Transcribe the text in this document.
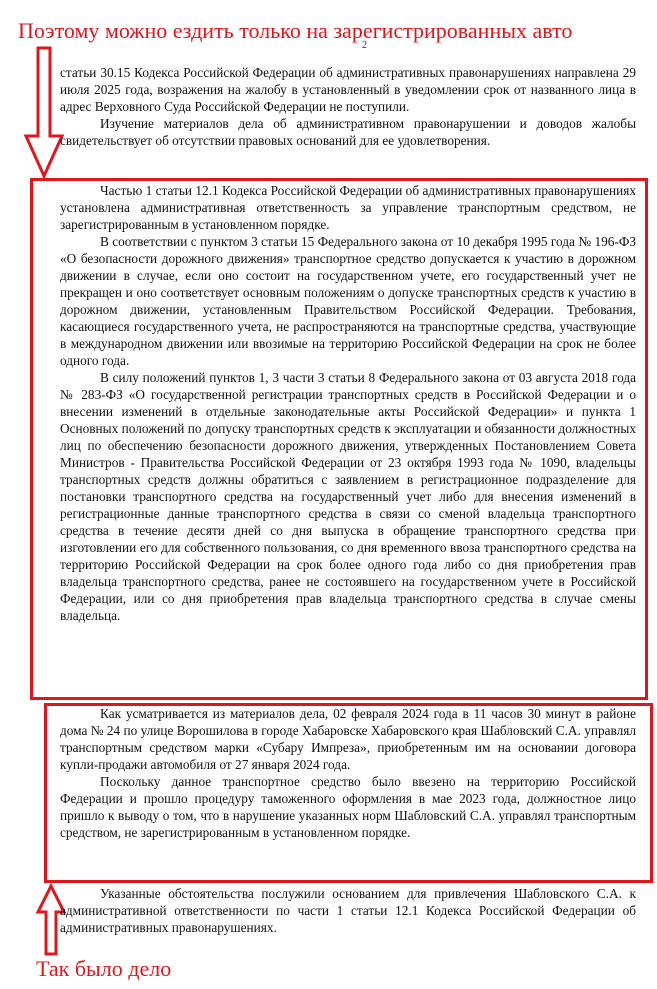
Поэтому можно ездить только на зарегистрированных авто
2

статьи 30.15 Кодекса Российской Федерации об административных правонарушениях направлена 29 июля 2025 года, возражения на жалобу в установленный в уведомлении срок от названного лица в адрес Верховного Суда Российской Федерации не поступили.

Изучение материалов дела об административном правонарушении и доводов жалобы свидетельствует об отсутствии правовых оснований для ее удовлетворения.

Частью 1 статьи 12.1 Кодекса Российской Федерации об административных правонарушениях установлена административная ответственность за управление транспортным средством, не зарегистрированным в установленном порядке.

В соответствии с пунктом 3 статьи 15 Федерального закона от 10 декабря 1995 года № 196-ФЗ «О безопасности дорожного движения» транспортное средство допускается к участию в дорожном движении в случае, если оно состоит на государственном учете, его государственный учет не прекращен и оно соответствует основным положениям о допуске транспортных средств к участию в дорожном движении, установленным Правительством Российской Федерации. Требования, касающиеся государственного учета, не распространяются на транспортные средства, участвующие в международном движении или ввозимые на территорию Российской Федерации на срок не более одного года.

В силу положений пунктов 1, 3 части 3 статьи 8 Федерального закона от 03 августа 2018 года № 283-ФЗ «О государственной регистрации транспортных средств в Российской Федерации и о внесении изменений в отдельные законодательные акты Российской Федерации» и пункта 1 Основных положений по допуску транспортных средств к эксплуатации и обязанности должностных лиц по обеспечению безопасности дорожного движения, утвержденных Постановлением Совета Министров - Правительства Российской Федерации от 23 октября 1993 года № 1090, владельцы транспортных средств должны обратиться с заявлением в регистрационное подразделение для постановки транспортного средства на государственный учет либо для внесения изменений в регистрационные данные транспортного средства в связи со сменой владельца транспортного средства в течение десяти дней со дня выпуска в обращение транспортного средства при изготовлении его для собственного пользования, со дня временного ввоза транспортного средства на территорию Российской Федерации на срок более одного года либо со дня приобретения прав владельца транспортного средства, ранее не состоявшего на государственном учете в Российской Федерации, или со дня приобретения прав владельца транспортного средства в случае смены владельца.

Как усматривается из материалов дела, 02 февраля 2024 года в 11 часов 30 минут в районе дома № 24 по улице Ворошилова в городе Хабаровске Хабаровского края Шабловский С.А. управлял транспортным средством марки «Субару Импреза», приобретенным им на основании договора купли-продажи автомобиля от 27 января 2024 года.

Поскольку данное транспортное средство было ввезено на территорию Российской Федерации и прошло процедуру таможенного оформления в мае 2023 года, должностное лицо пришло к выводу о том, что в нарушение указанных норм Шабловский С.А. управлял транспортным средством, не зарегистрированным в установленном порядке.

Указанные обстоятельства послужили основанием для привлечения Шабловского С.А. к административной ответственности по части 1 статьи 12.1 Кодекса Российской Федерации об административных правонарушениях.

Так было дело
